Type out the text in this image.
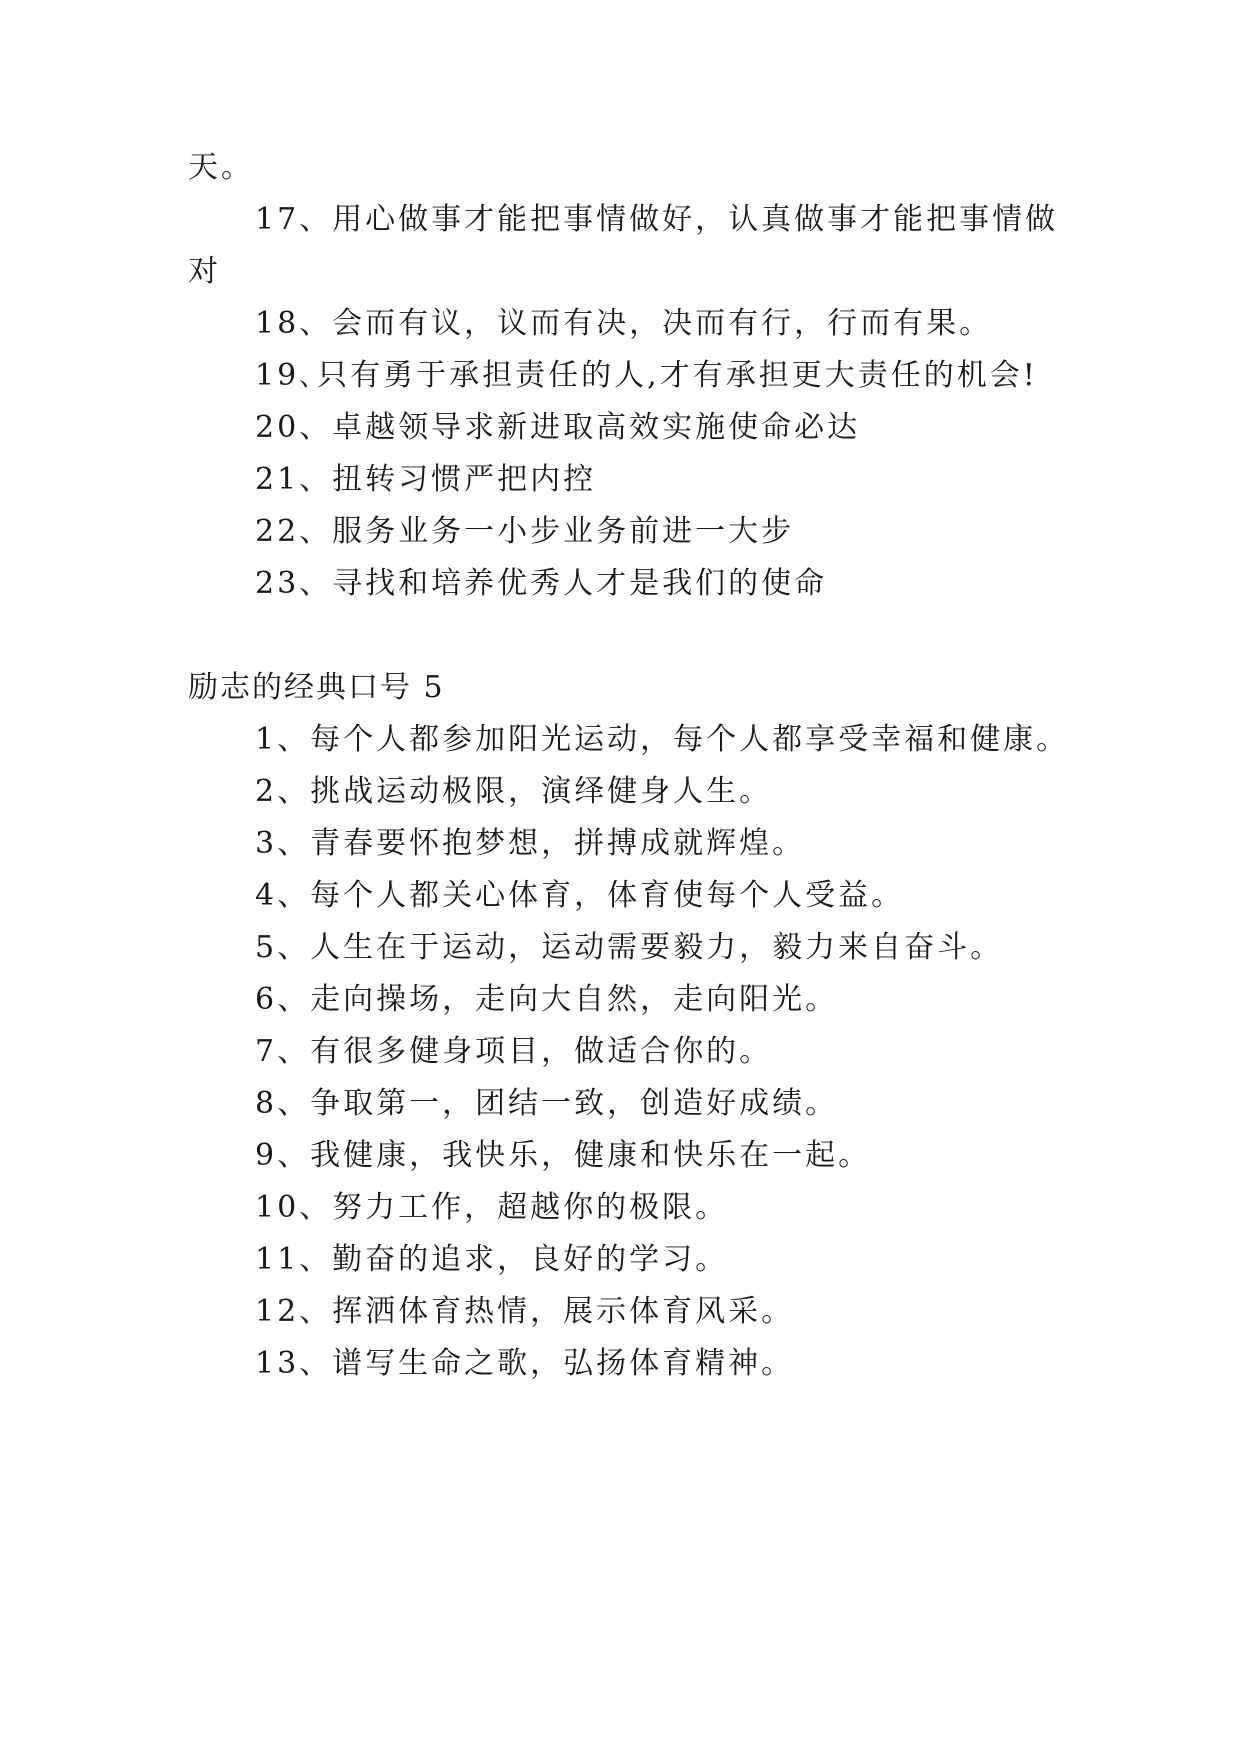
天。
17、用心做事才能把事情做好，认真做事才能把事情做
对
18、会而有议，议而有决，决而有行，行而有果。
19､只有勇于承担责任的人,才有承担更大责任的机会!
20、卓越领导求新进取高效实施使命必达
21、扭转习惯严把内控
22、服务业务一小步业务前进一大步
23、寻找和培养优秀人才是我们的使命
励志的经典口号 5
1、每个人都参加阳光运动，每个人都享受幸福和健康。
2、挑战运动极限，演绎健身人生。
3、青春要怀抱梦想，拼搏成就辉煌。
4、每个人都关心体育，体育使每个人受益。
5、人生在于运动，运动需要毅力，毅力来自奋斗。
6、走向操场，走向大自然，走向阳光。
7、有很多健身项目，做适合你的。
8、争取第一，团结一致，创造好成绩。
9、我健康，我快乐，健康和快乐在一起。
10、努力工作，超越你的极限。
11、勤奋的追求，良好的学习。
12、挥洒体育热情，展示体育风采。
13、谱写生命之歌，弘扬体育精神。
